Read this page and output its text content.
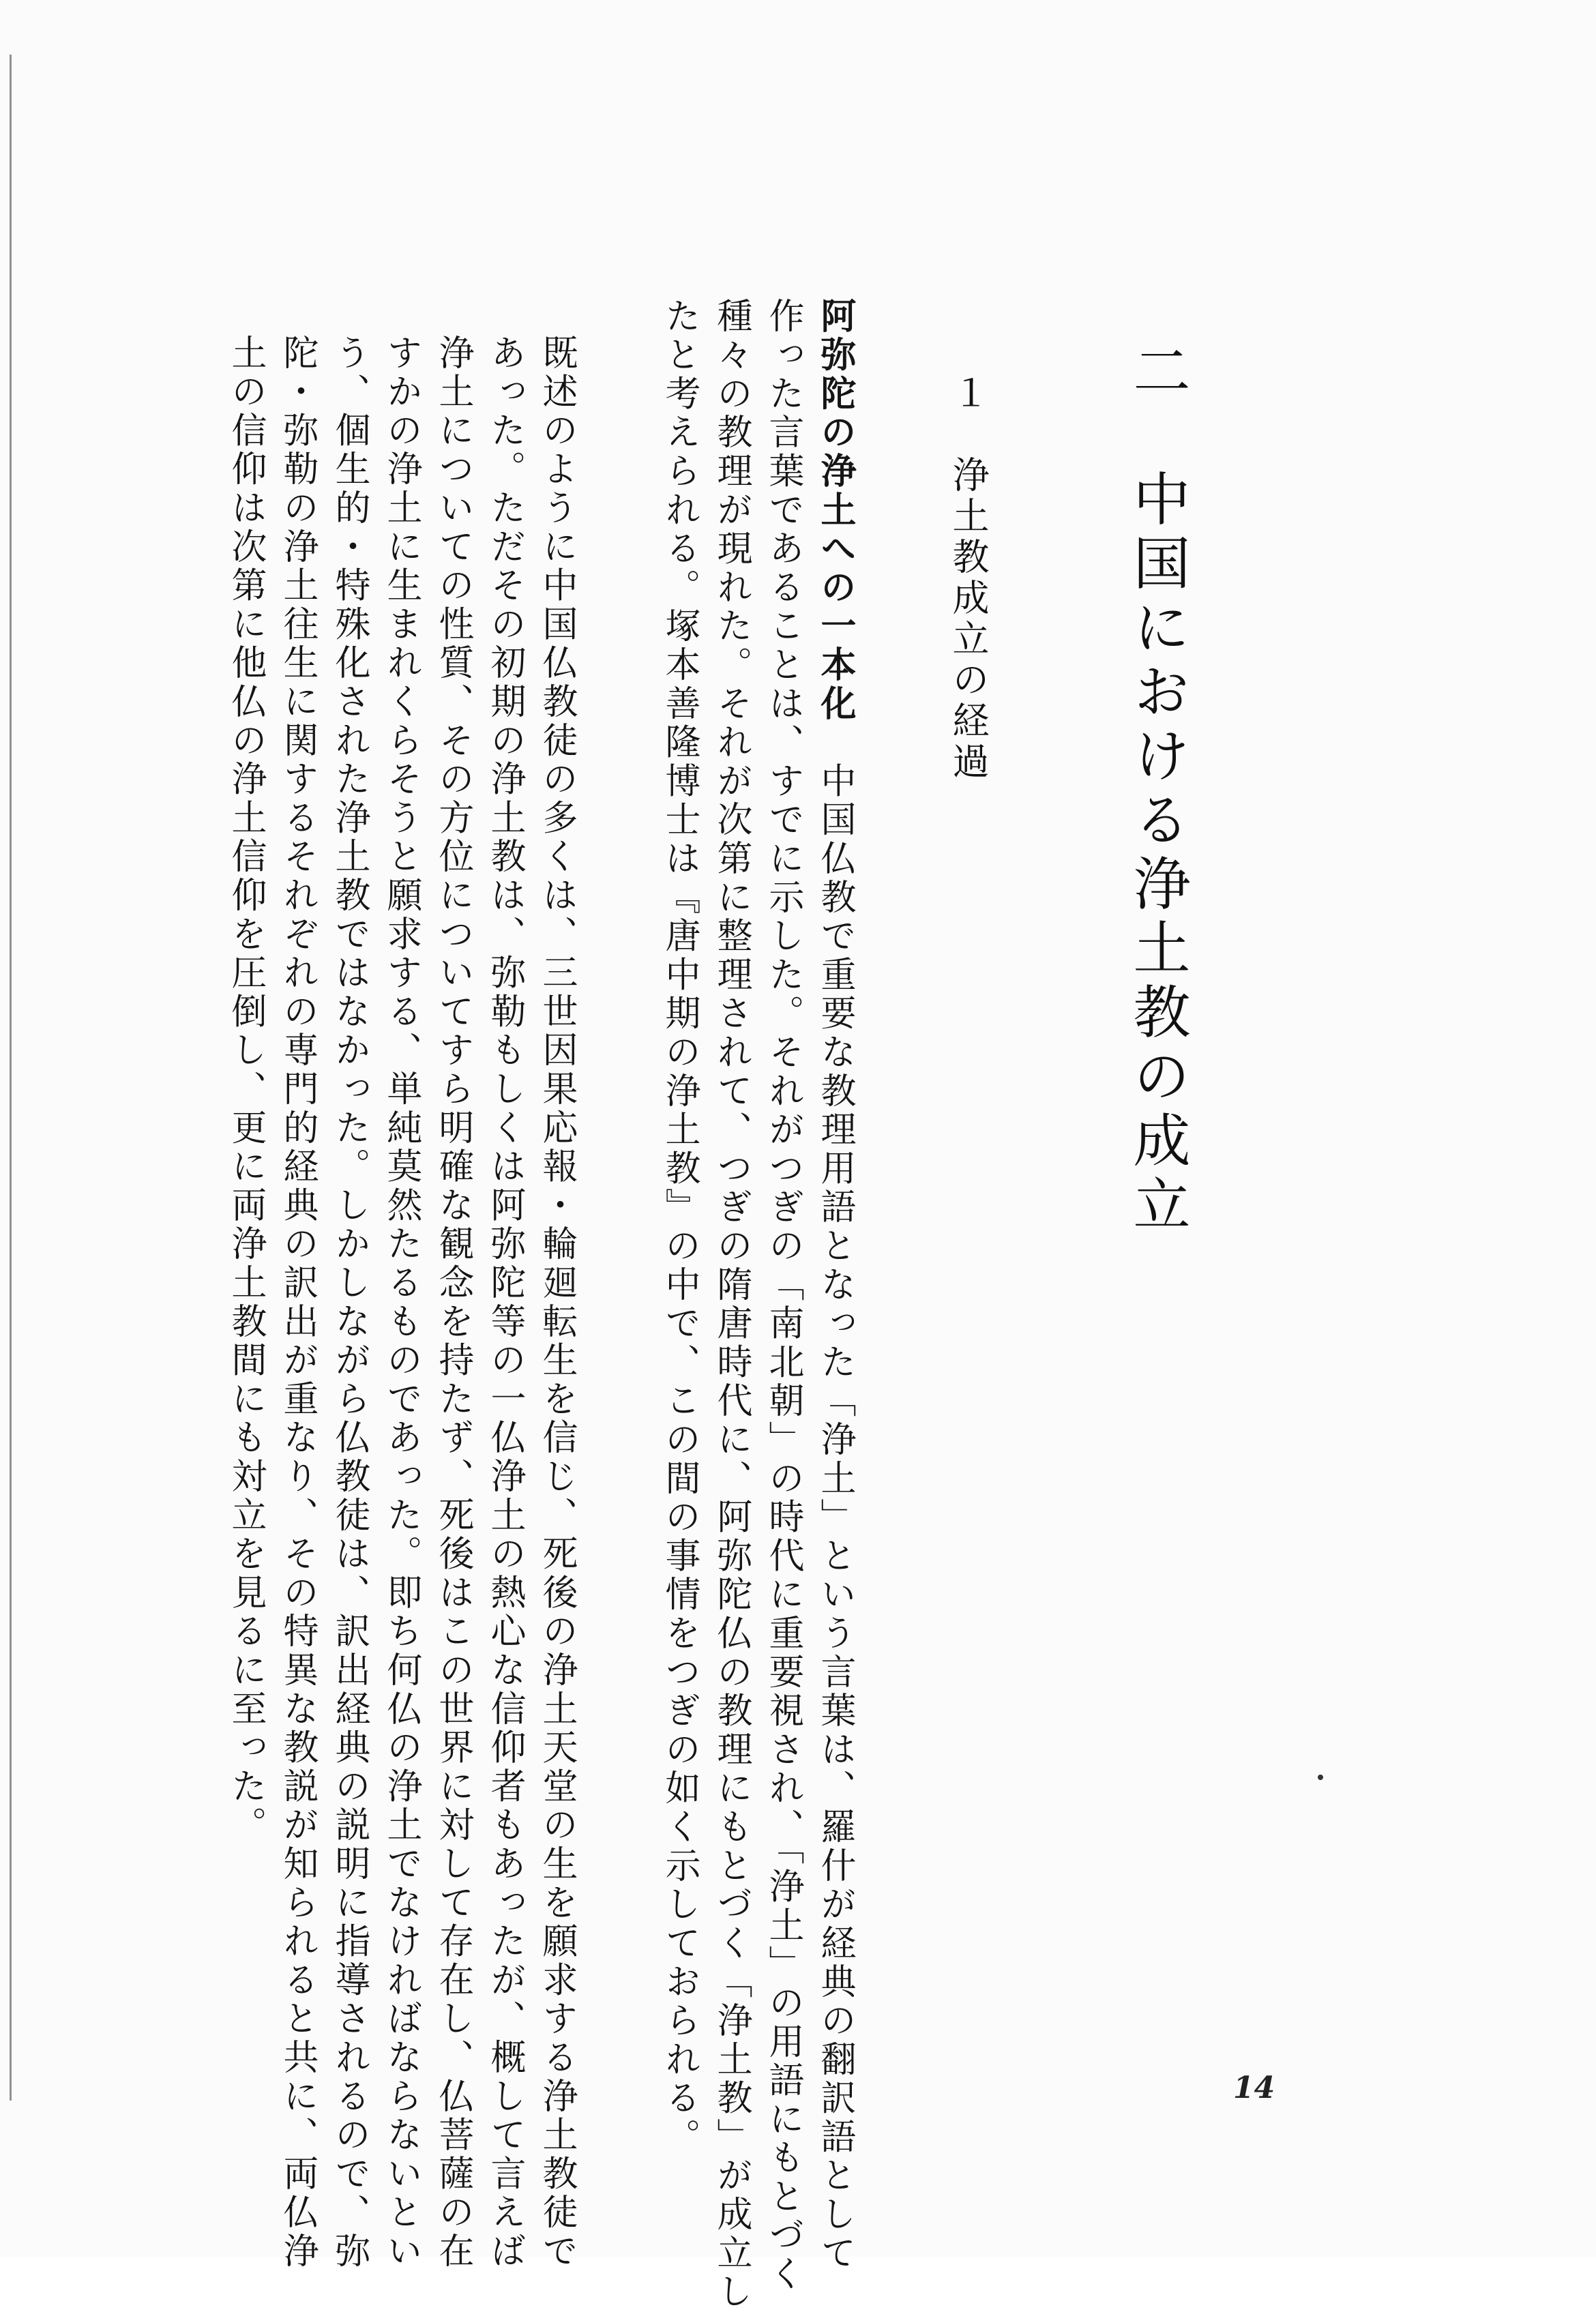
二　中国における浄土教の成立
１　浄土教成立の経過
阿弥陀の浄土への一本化　中国仏教で重要な教理用語となった「浄土」という言葉は、羅什が経典の翻訳語として
作った言葉であることは、すでに示した。それがつぎの「南北朝」の時代に重要視され、「浄土」の用語にもとづく
種々の教理が現れた。それが次第に整理されて、つぎの隋唐時代に、阿弥陀仏の教理にもとづく「浄土教」が成立し
たと考えられる。塚本善隆博士は『唐中期の浄土教』の中で、この間の事情をつぎの如く示しておられる。
既述のように中国仏教徒の多くは、三世因果応報・輪廻転生を信じ、死後の浄土天堂の生を願求する浄土教徒で
あった。ただその初期の浄土教は、弥勒もしくは阿弥陀等の一仏浄土の熱心な信仰者もあったが、概して言えば
浄土についての性質、その方位についてすら明確な観念を持たず、死後はこの世界に対して存在し、仏菩薩の在
すかの浄土に生まれくらそうと願求する、単純莫然たるものであった。即ち何仏の浄土でなければならないとい
う、個生的・特殊化された浄土教ではなかった。しかしながら仏教徒は、訳出経典の説明に指導されるので、弥
陀・弥勒の浄土往生に関するそれぞれの専門的経典の訳出が重なり、その特異な教説が知られると共に、両仏浄
土の信仰は次第に他仏の浄土信仰を圧倒し、更に両浄土教間にも対立を見るに至った。
14
